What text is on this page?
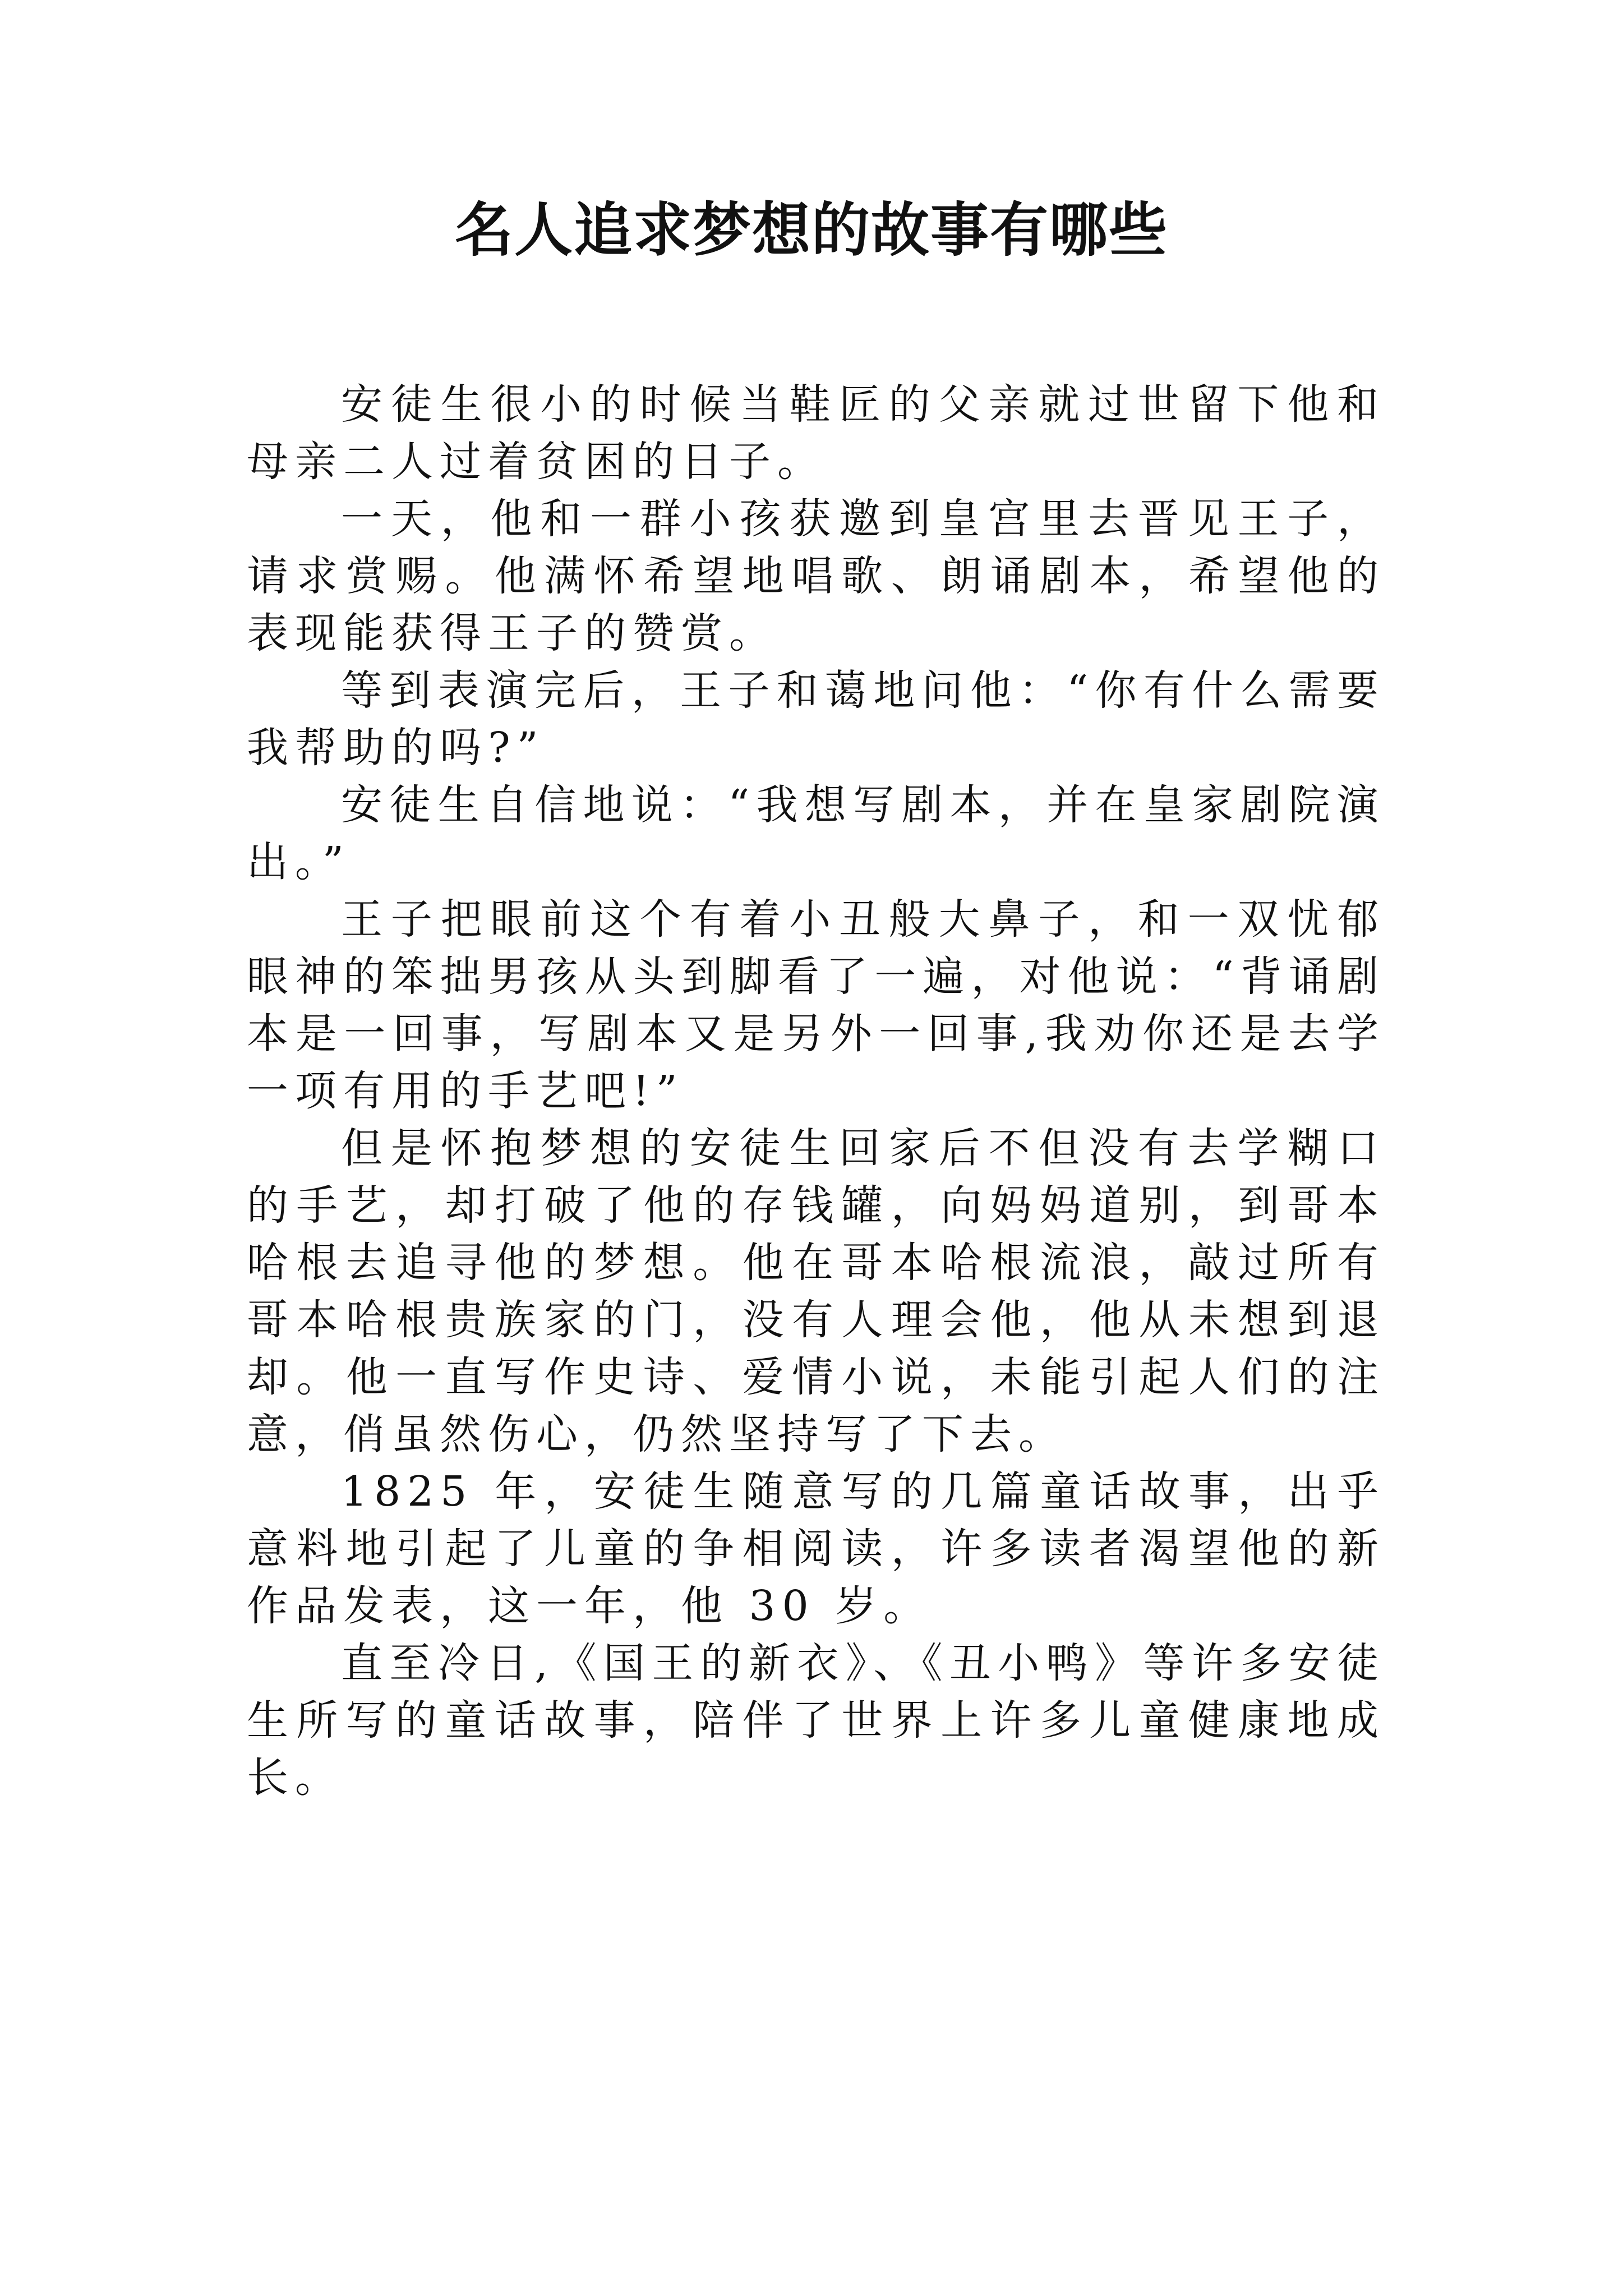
名人追求梦想的故事有哪些

安徒生很小的时候当鞋匠的父亲就过世留下他和母亲二人过着贫困的日子。

一天，他和一群小孩获邀到皇宫里去晋见王子，请求赏赐。他满怀希望地唱歌、朗诵剧本，希望他的表现能获得王子的赞赏。

等到表演完后，王子和蔼地问他：“你有什么需要我帮助的吗?”

安徒生自信地说：“我想写剧本，并在皇家剧院演出。”

王子把眼前这个有着小丑般大鼻子，和一双忧郁眼神的笨拙男孩从头到脚看了一遍，对他说：“背诵剧本是一回事，写剧本又是另外一回事,我劝你还是去学一项有用的手艺吧!”

但是怀抱梦想的安徒生回家后不但没有去学糊口的手艺，却打破了他的存钱罐，向妈妈道别，到哥本哈根去追寻他的梦想。他在哥本哈根流浪，敲过所有哥本哈根贵族家的门，没有人理会他，他从未想到退却。他一直写作史诗、爱情小说，未能引起人们的注意，俏虽然伤心，仍然坚持写了下去。

1825 年，安徒生随意写的几篇童话故事，出乎意料地引起了儿童的争相阅读，许多读者渴望他的新作品发表，这一年，他 30 岁。

直至冷日,《国王的新衣》、《丑小鸭》等许多安徒生所写的童话故事，陪伴了世界上许多儿童健康地成长。
